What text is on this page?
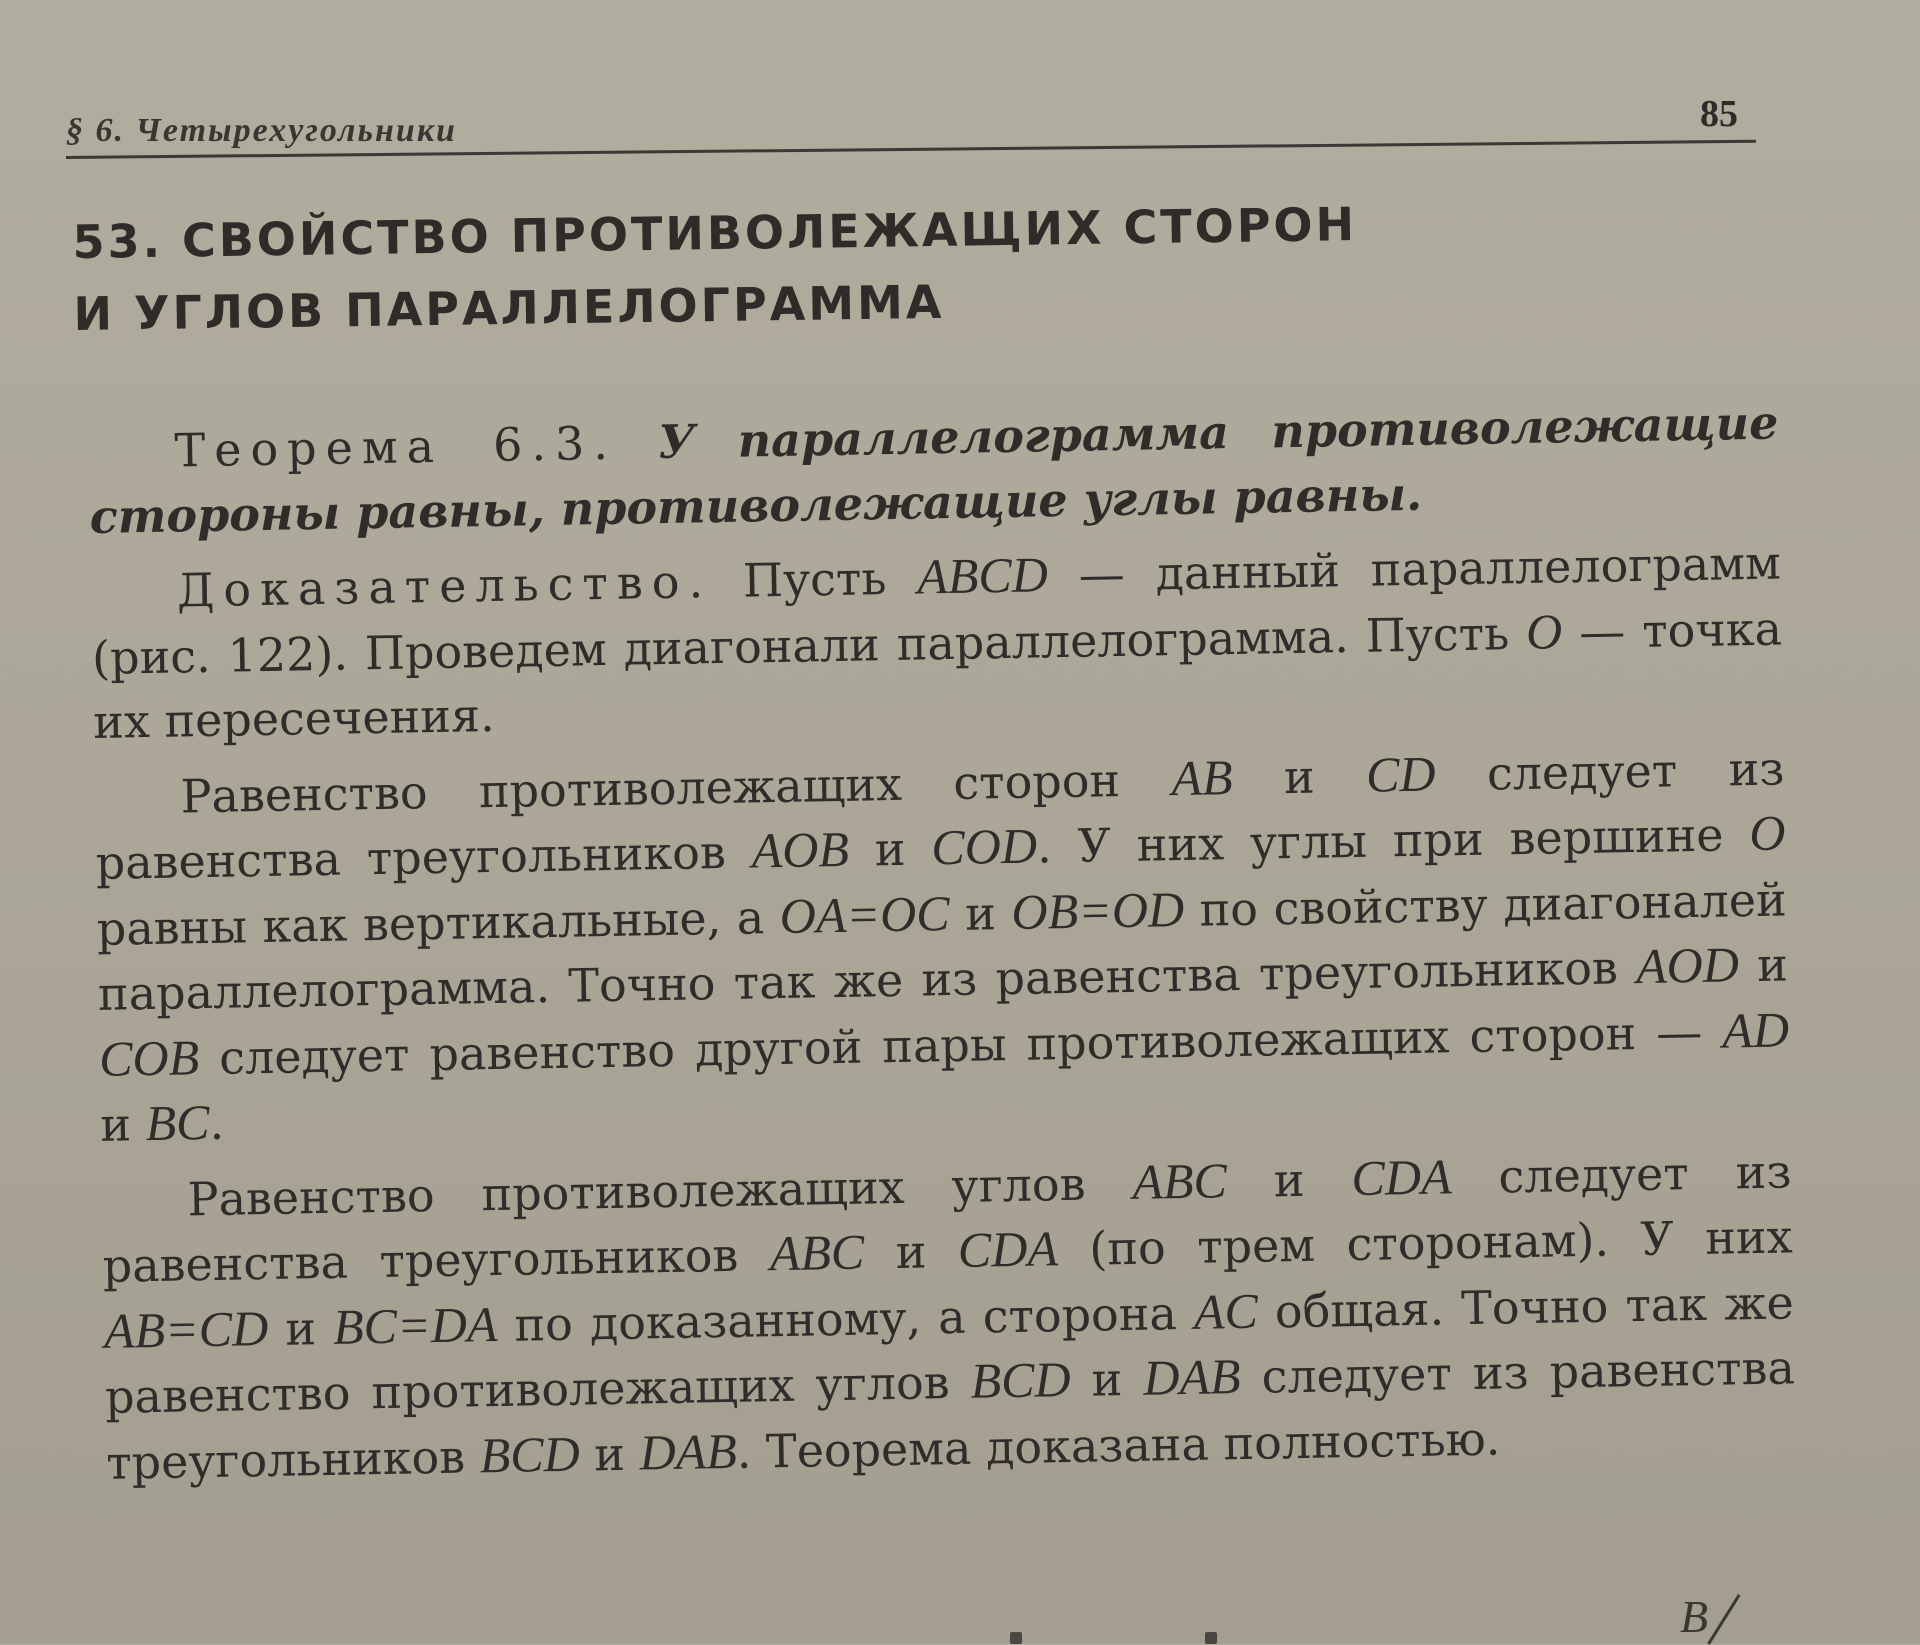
§ 6. Четырехугольники	85
53. СВОЙСТВО ПРОТИВОЛЕЖАЩИХ СТОРОН
И УГЛОВ ПАРАЛЛЕЛОГРАММА

Теорема 6.3. У параллелограмма противолежащие стороны равны, противолежащие углы равны.

Доказательство. Пусть ABCD — данный параллелограмм (рис. 122). Проведем диагонали параллелограмма. Пусть O — точка их пересечения.

Равенство противолежащих сторон AB и CD следует из равенства треугольников AOB и COD. У них углы при вершине O равны как вертикальные, а OA=OC и OB=OD по свойству диагоналей параллелограмма. Точно так же из равенства треугольников AOD и COB следует равенство другой пары противолежащих сторон — AD и BC.

Равенство противолежащих углов ABC и CDA следует из равенства треугольников ABC и CDA (по трем сторонам). У них AB=CD и BC=DA по доказанному, а сторона AC общая. Точно так же равенство противолежащих углов BCD и DAB следует из равенства треугольников BCD и DAB. Теорема доказана полностью.

B
